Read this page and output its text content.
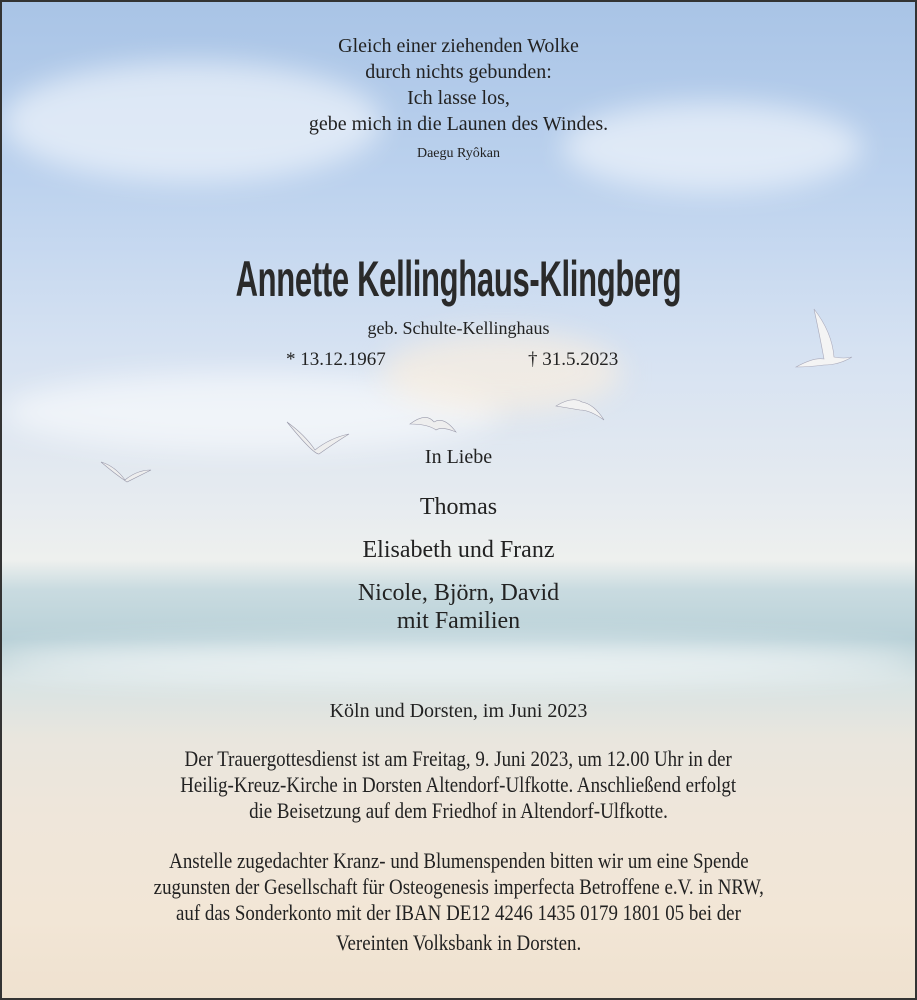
Gleich einer ziehenden Wolke
durch nichts gebunden:
Ich lasse los,
gebe mich in die Launen des Windes.
Daegu Ryôkan
Annette Kellinghaus-Klingberg
geb. Schulte-Kellinghaus
* 13.12.1967	† 31.5.2023
In Liebe
Thomas
Elisabeth und Franz
Nicole, Björn, David
mit Familien
Köln und Dorsten, im Juni 2023
Der Trauergottesdienst ist am Freitag, 9. Juni 2023, um 12.00 Uhr in der
Heilig-Kreuz-Kirche in Dorsten Altendorf-Ulfkotte. Anschließend erfolgt
die Beisetzung auf dem Friedhof in Altendorf-Ulfkotte.
Anstelle zugedachter Kranz- und Blumenspenden bitten wir um eine Spende
zugunsten der Gesellschaft für Osteogenesis imperfecta Betroffene e.V. in NRW,
auf das Sonderkonto mit der IBAN DE12 4246 1435 0179 1801 05 bei der
Vereinten Volksbank in Dorsten.
